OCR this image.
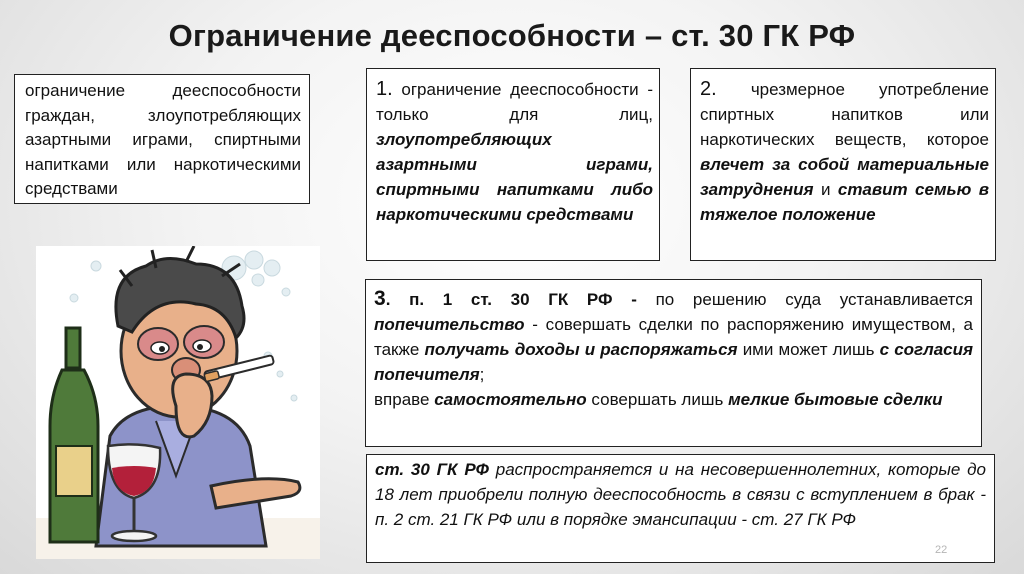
Ограничение дееспособности – ст. 30 ГК РФ
ограничение дееспособности граждан, злоупотребляющих азартными играми, спиртными напитками или наркотическими средствами
1. ограничение дееспособности - только для лиц, злоупотребляющих азартными играми, спиртными напитками либо наркотическими средствами
2. чрезмерное употребление спиртных напитков или наркотических веществ, которое влечет за собой материальные затруднения и ставит семью в тяжелое положение
3. п. 1 ст. 30 ГК РФ - по решению суда устанавливается попечительство - совершать сделки по распоряжению имуществом, а также получать доходы и распоряжаться ими может лишь с согласия попечителя;
вправе самостоятельно совершать лишь мелкие бытовые сделки
ст. 30 ГК РФ распространяется и на несовершеннолетних, которые до 18 лет приобрели полную дееспособность в связи с вступлением в брак - п. 2 ст. 21 ГК РФ или в порядке эмансипации - ст. 27 ГК РФ
22
